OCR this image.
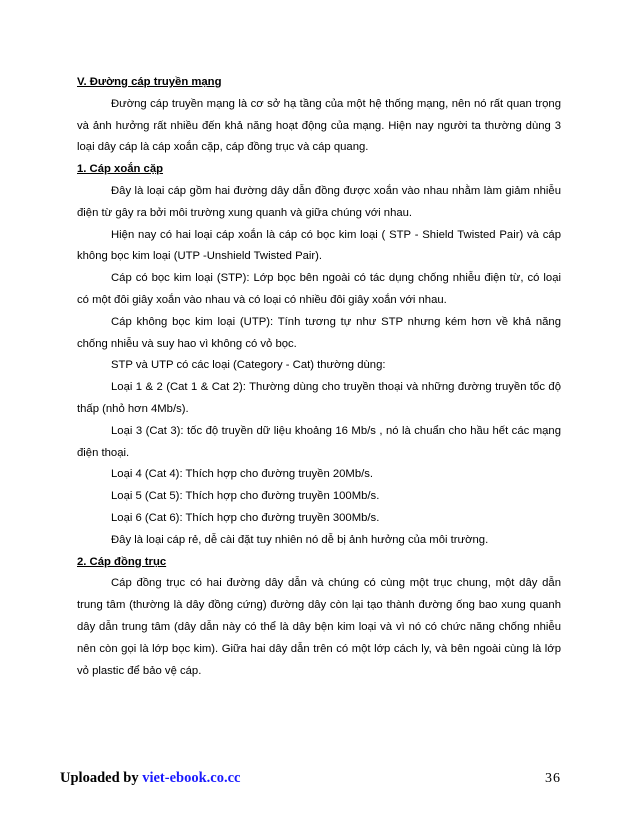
V. Đường cáp truyền mạng

Đường cáp truyền mạng là cơ sở hạ tầng của một hệ thống mạng, nên nó rất quan trọng và ảnh hưởng rất nhiều đến khả năng hoạt động của mạng. Hiện nay người ta thường dùng 3 loại dây cáp là cáp xoắn cặp, cáp đồng trục và cáp quang.

1. Cáp xoắn cặp

Đây là loại cáp gồm hai đường dây dẫn đồng được xoắn vào nhau nhằm làm giảm nhiễu điện từ gây ra bởi môi trường xung quanh và giữa chúng với nhau.

Hiện nay có hai loại cáp xoắn là cáp có bọc kim loại ( STP - Shield Twisted Pair) và cáp không bọc kim loại (UTP -Unshield Twisted Pair).

Cáp có bọc kim loại (STP): Lớp bọc bên ngoài có tác dụng chống nhiễu điện từ, có loại có một đôi giây xoắn vào nhau và có loại có nhiều đôi giây xoắn với nhau.

Cáp không bọc kim loại (UTP): Tính tương tự như STP nhưng kém hơn về khả năng chống nhiễu và suy hao vì không có vỏ bọc.

STP và UTP có các loại (Category - Cat) thường dùng:

Loại 1 & 2 (Cat 1 & Cat 2): Thường dùng cho truyền thoại và những đường truyền tốc độ thấp (nhỏ hơn 4Mb/s).

Loại 3 (Cat 3): tốc độ truyền dữ liệu khoảng 16 Mb/s , nó là chuẩn cho hầu hết các mạng điện thoại.

Loại 4 (Cat 4): Thích hợp cho đường truyền 20Mb/s.

Loại 5 (Cat 5): Thích hợp cho đường truyền 100Mb/s.

Loại 6 (Cat 6): Thích hợp cho đường truyền 300Mb/s.

Đây là loại cáp rẻ, dễ cài đặt tuy nhiên nó dễ bị ảnh hưởng của môi trường.

2. Cáp đồng trục

Cáp đồng trục có hai đường dây dẫn và chúng có cùng một trục chung, một dây dẫn trung tâm (thường là dây đồng cứng) đường dây còn lại tạo thành đường ống bao xung quanh dây dẫn trung tâm (dây dẫn này có thể là dây bện kim loại và vì nó có chức năng chống nhiễu nên còn gọi là lớp bọc kim). Giữa hai dây dẫn trên có một lớp cách ly, và bên ngoài cùng là lớp vỏ plastic để bảo vệ cáp.

Uploaded by viet-ebook.co.cc	36
